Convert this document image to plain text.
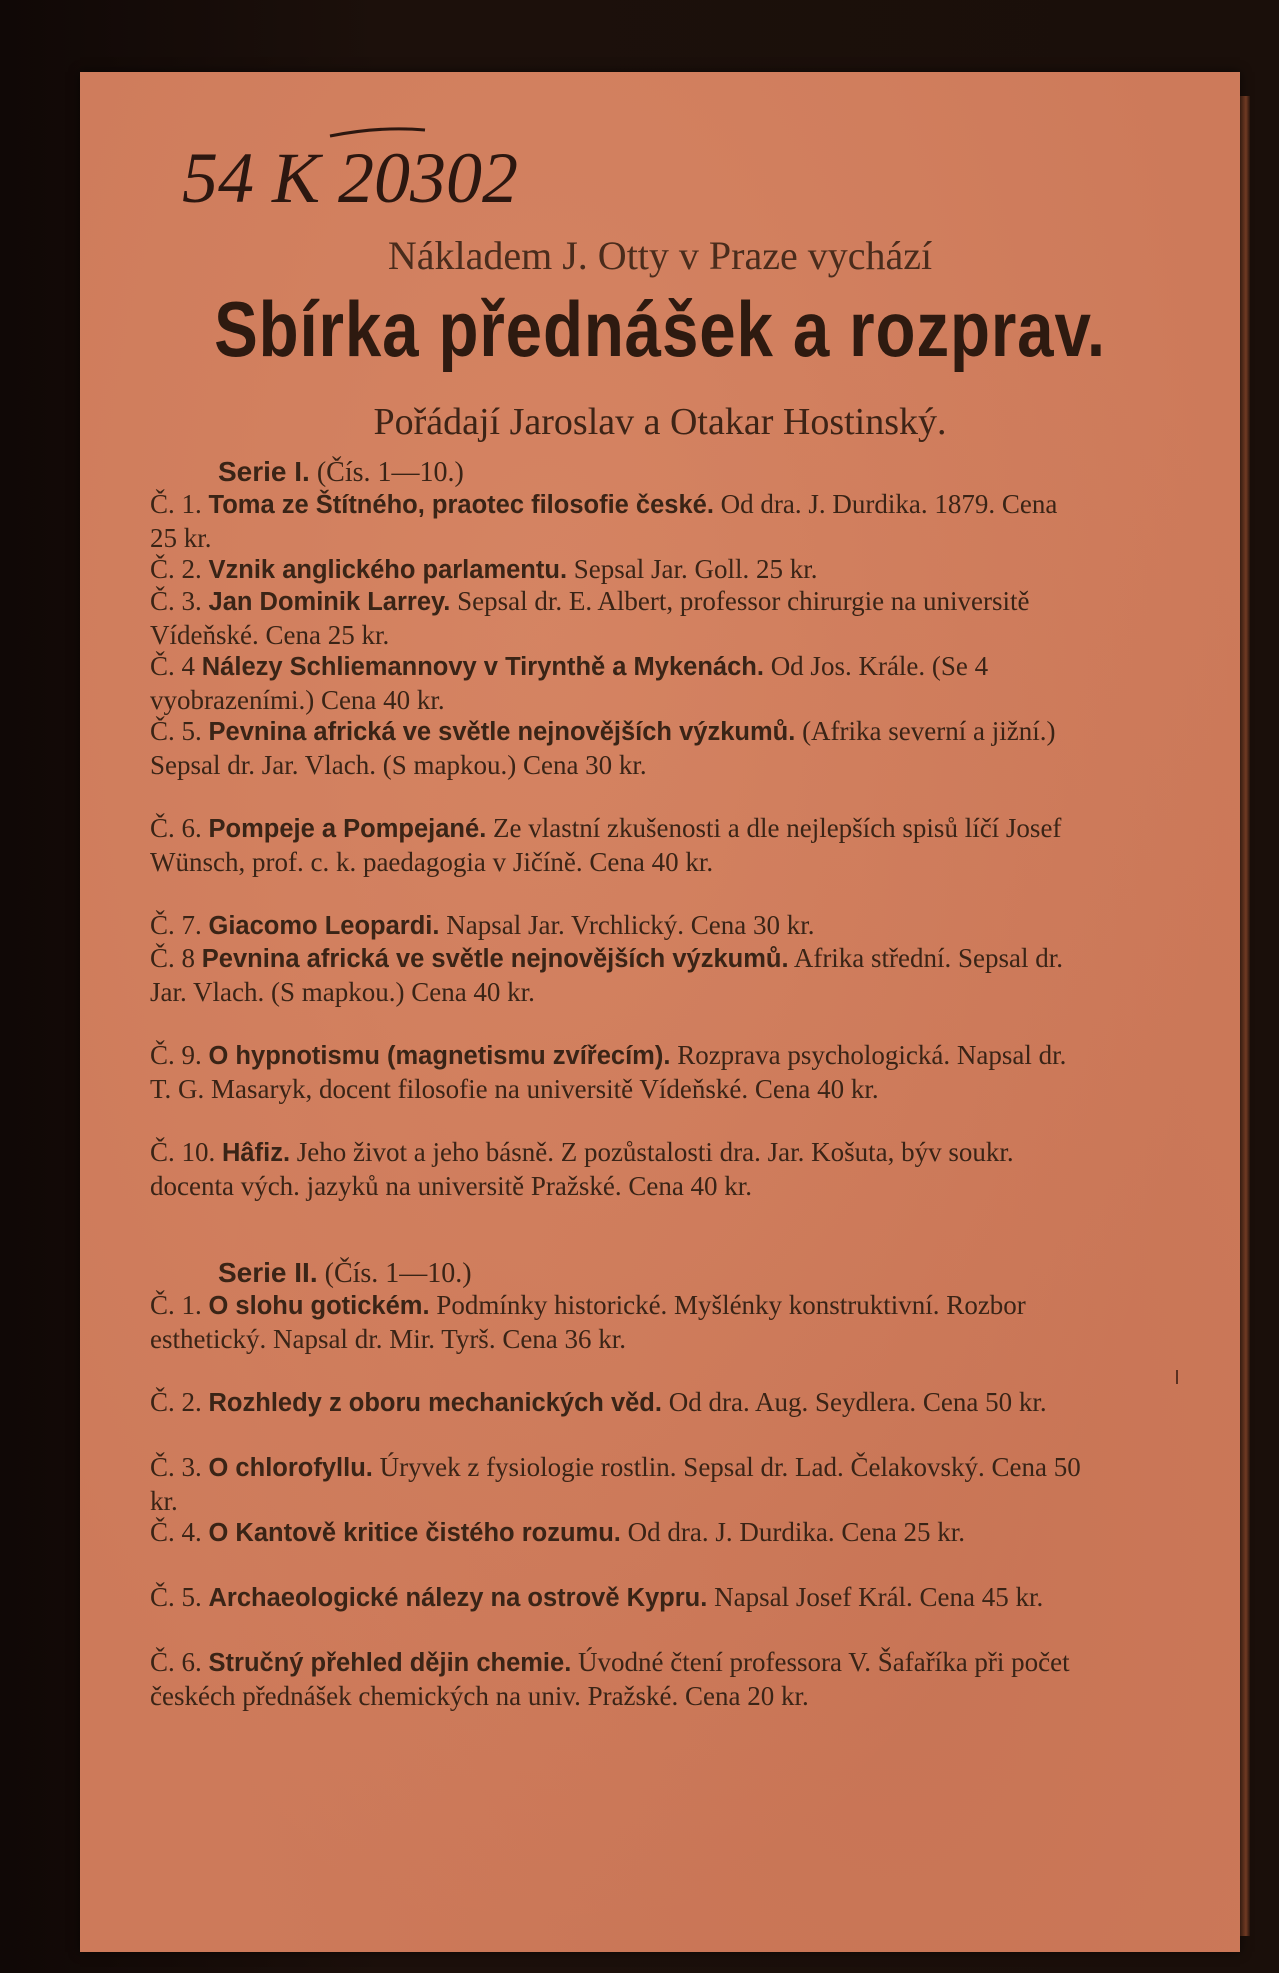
54 K 20302
Nákladem J. Otty v Praze vychází
Sbírka přednášek a rozprav.
Pořádají Jaroslav a Otakar Hostinský.
Serie I. (Čís. 1—10.)
Č. 1. Toma ze Štítného, praotec filosofie české. Od dra. J. Durdika. 1879. Cena 25 kr.
Č. 2. Vznik anglického parlamentu. Sepsal Jar. Goll. 25 kr.
Č. 3. Jan Dominik Larrey. Sepsal dr. E. Albert, professor chirurgie na universitě Vídeňské. Cena 25 kr.
Č. 4 Nálezy Schliemannovy v Tirynthě a Mykenách. Od Jos. Krále. (Se 4 vyobrazeními.) Cena 40 kr.
Č. 5. Pevnina africká ve světle nejnovějších výzkumů. (Afrika severní a jižní.) Sepsal dr. Jar. Vlach. (S mapkou.) Cena 30 kr.
Č. 6. Pompeje a Pompejané. Ze vlastní zkušenosti a dle nejlepších spisů líčí Josef Wünsch, prof. c. k. paedagogia v Jičíně. Cena 40 kr.
Č. 7. Giacomo Leopardi. Napsal Jar. Vrchlický. Cena 30 kr.
Č. 8 Pevnina africká ve světle nejnovějších výzkumů. Afrika střední. Sepsal dr. Jar. Vlach. (S mapkou.) Cena 40 kr.
Č. 9. O hypnotismu (magnetismu zvířecím). Rozprava psychologická. Napsal dr. T. G. Masaryk, docent filosofie na universitě Vídeňské. Cena 40 kr.
Č. 10. Hâfiz. Jeho život a jeho básně. Z pozůstalosti dra. Jar. Košuta, býv soukr. docenta vých. jazyků na universitě Pražské. Cena 40 kr.
Serie II. (Čís. 1—10.)
Č. 1. O slohu gotickém. Podmínky historické. Myšlénky konstruktivní. Rozbor esthetický. Napsal dr. Mir. Tyrš. Cena 36 kr.
Č. 2. Rozhledy z oboru mechanických věd. Od dra. Aug. Seydlera. Cena 50 kr.
Č. 3. O chlorofyllu. Úryvek z fysiologie rostlin. Sepsal dr. Lad. Čelakovský. Cena 50 kr.
Č. 4. O Kantově kritice čistého rozumu. Od dra. J. Durdika. Cena 25 kr.
Č. 5. Archaeologické nálezy na ostrově Kypru. Napsal Josef Král. Cena 45 kr.
Č. 6. Stručný přehled dějin chemie. Úvodné čtení professora V. Šafaříka při počet českéch přednášek chemických na univ. Pražské. Cena 20 kr.
